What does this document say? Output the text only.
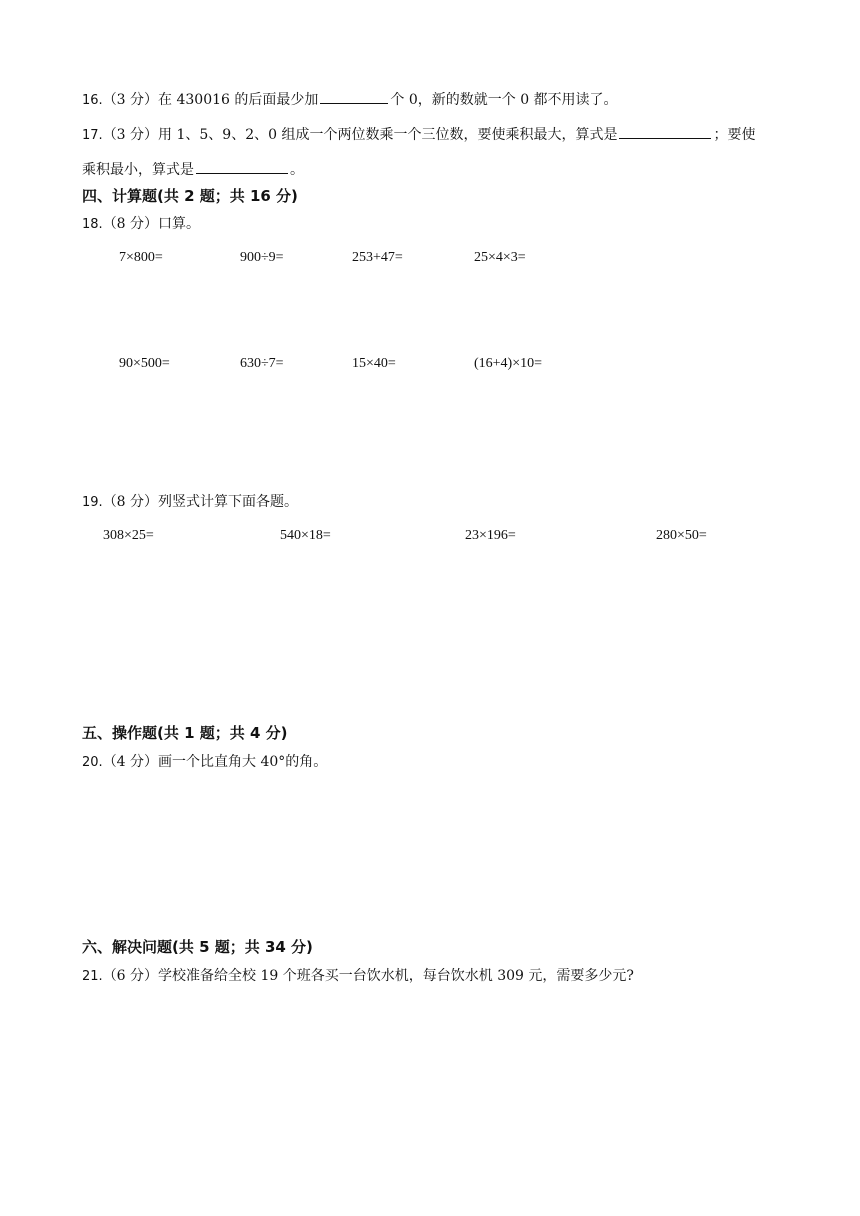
16.（3 分）在 430016 的后面最少加	个 0，新的数就一个 0 都不用读了。
17.（3 分）用 1、5、9、2、0 组成一个两位数乘一个三位数，要使乘积最大，算式是	；要使
乘积最小，算式是	。
四、计算题(共 2 题；共 16 分)
18.（8 分）口算。
7×800=	900÷9=	253+47=	25×4×3=
90×500=	630÷7=	15×40=	(16+4)×10=
19.（8 分）列竖式计算下面各题。
308×25=	540×18=	23×196=	280×50=
五、操作题(共 1 题；共 4 分)
20.（4 分）画一个比直角大 40°的角。
六、解决问题(共 5 题；共 34 分)
21.（6 分）学校准备给全校 19 个班各买一台饮水机，每台饮水机 309 元，需要多少元?
